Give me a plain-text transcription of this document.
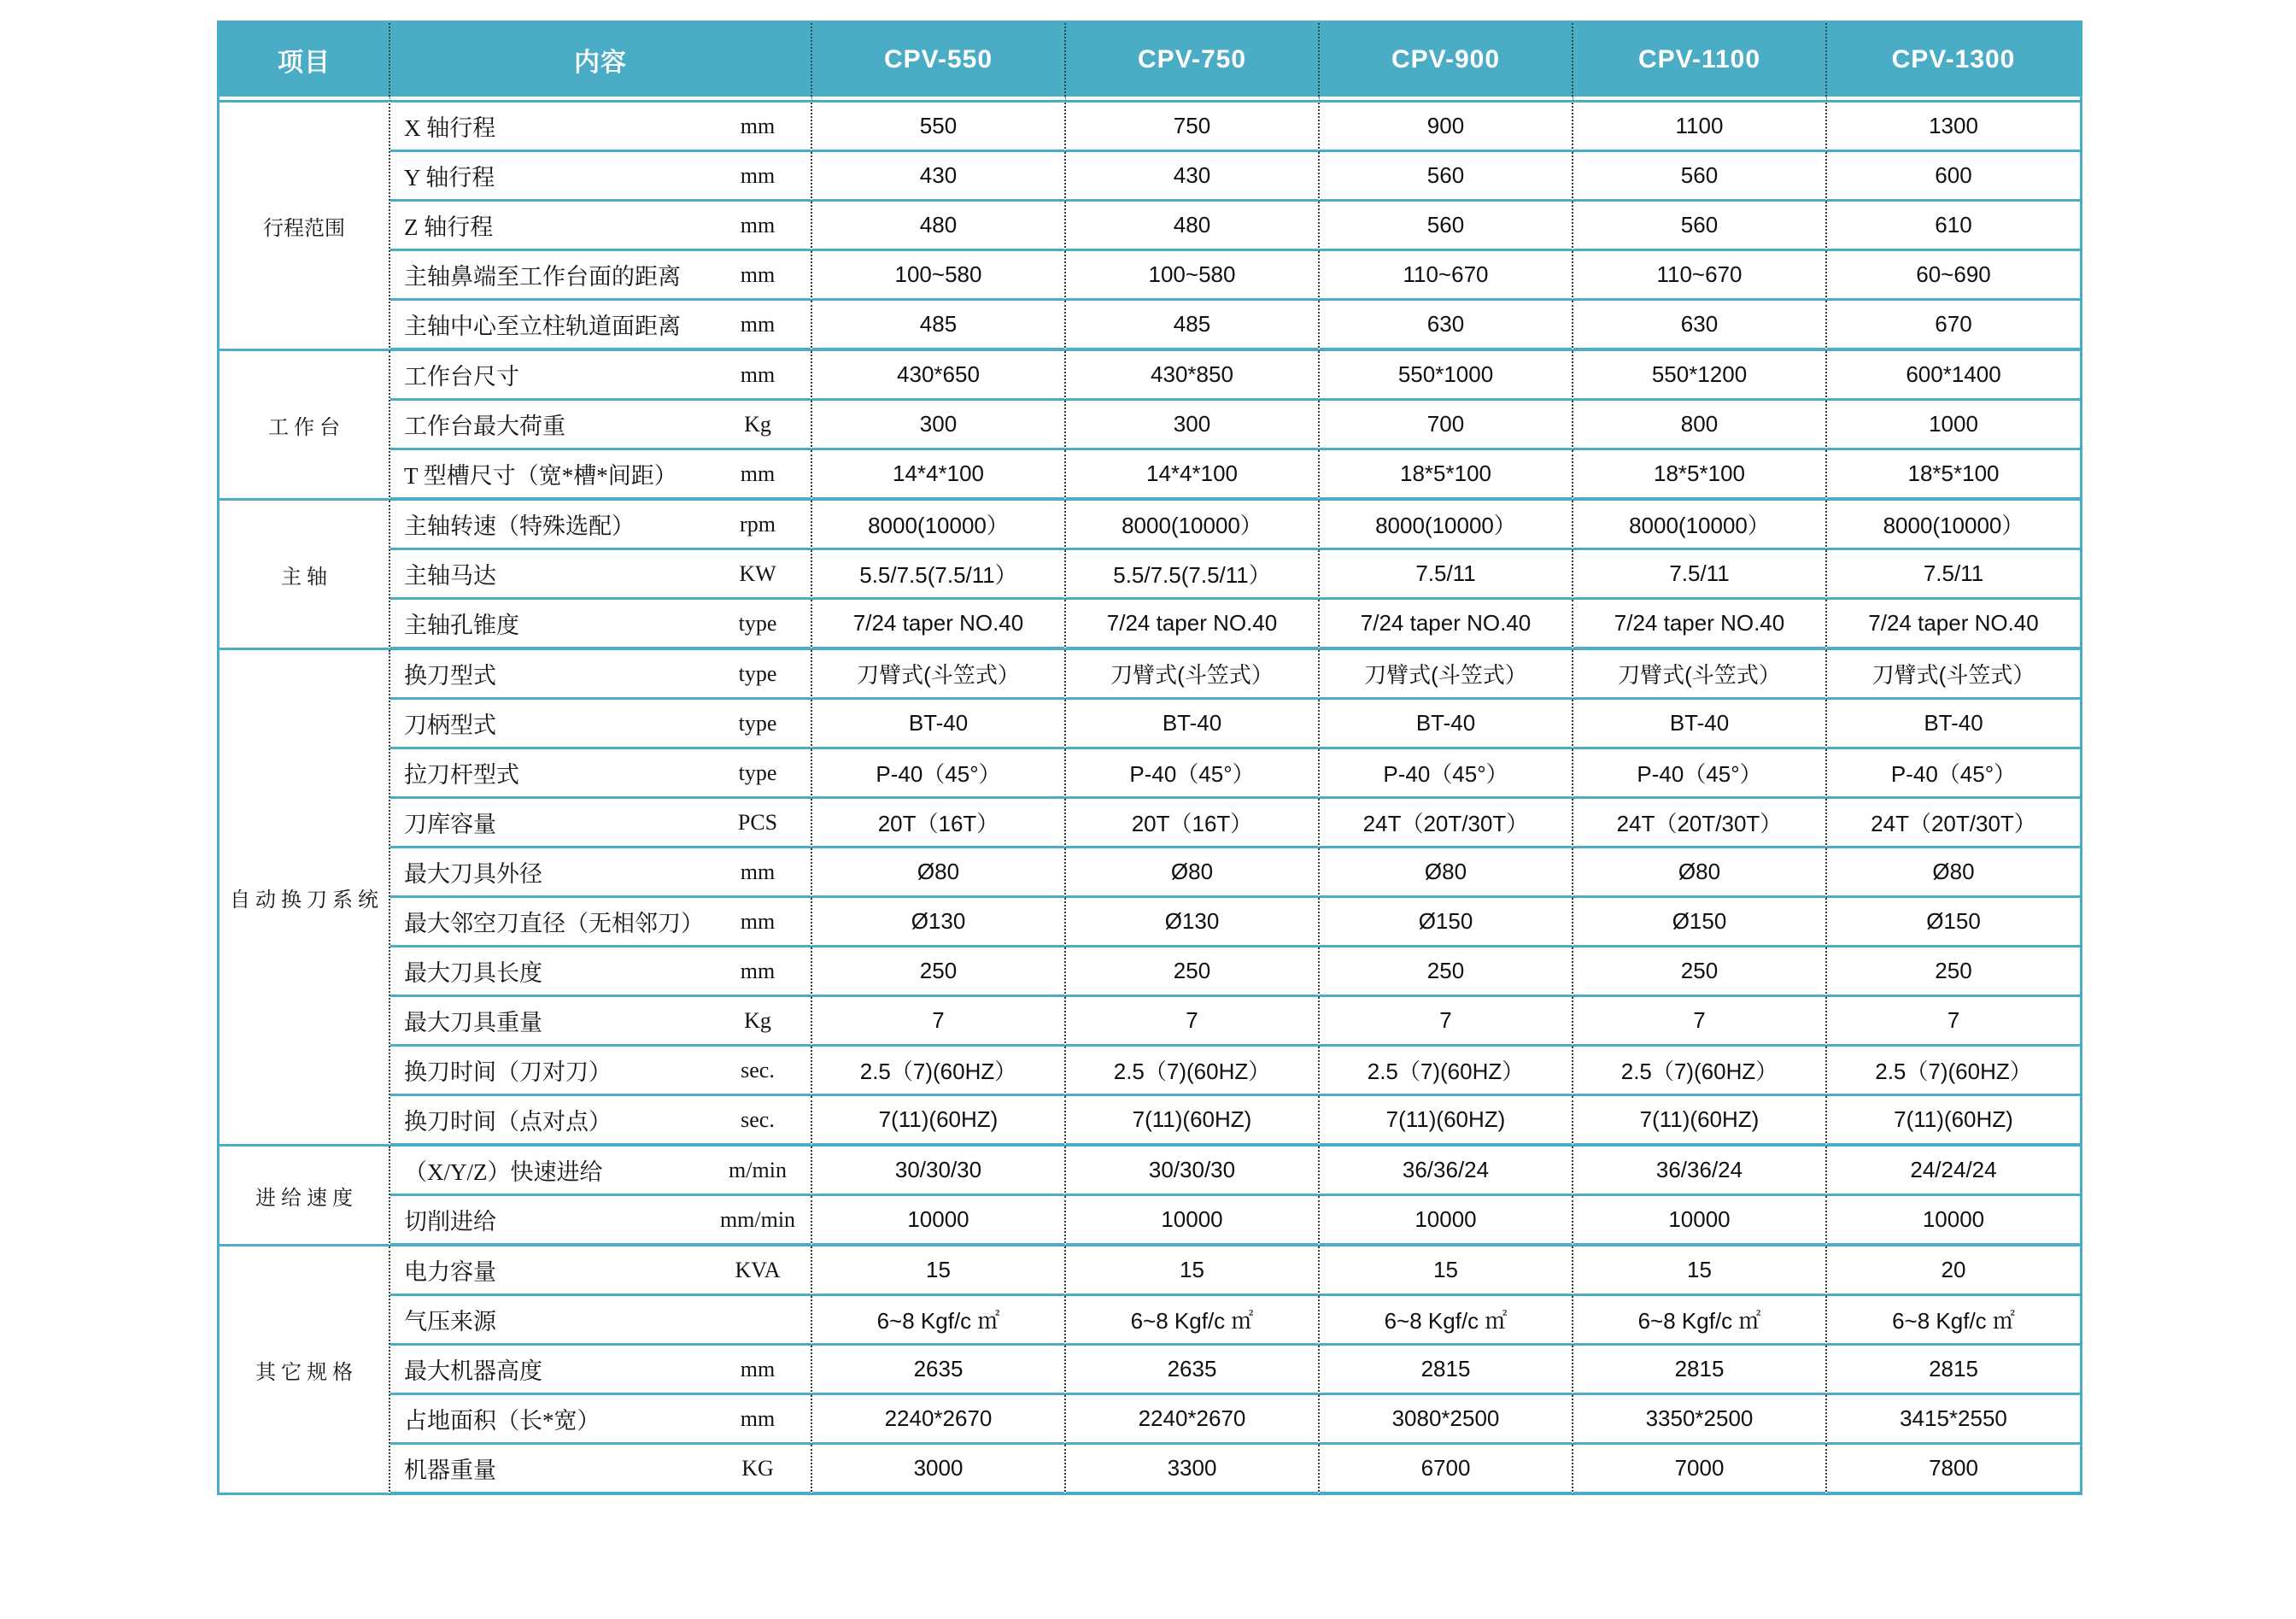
项目	内容	CPV-550	CPV-750	CPV-900	CPV-1100	CPV-1300
行程范围	X 轴行程 mm	550	750	900	1100	1300

	Y 轴行程 mm	430	430	560	560	600

	Z 轴行程 mm	480	480	560	560	610

	主轴鼻端至工作台面的距离 mm	100~580	100~580	110~670	110~670	60~690

	主轴中心至立柱轨道面距离 mm	485	485	630	630	670
工 作 台	工作台尺寸 mm	430*650	430*850	550*1000	550*1200	600*1400

	工作台最大荷重 Kg	300	300	700	800	1000

	T 型槽尺寸（宽*槽*间距） mm	14*4*100	14*4*100	18*5*100	18*5*100	18*5*100
主 轴	主轴转速（特殊选配） rpm	8000(10000）	8000(10000）	8000(10000）	8000(10000）	8000(10000）

	主轴马达 KW	5.5/7.5(7.5/11）	5.5/7.5(7.5/11）	7.5/11	7.5/11	7.5/11

	主轴孔锥度 type	7/24 taper NO.40	7/24 taper NO.40	7/24 taper NO.40	7/24 taper NO.40	7/24 taper NO.40
自 动 换 刀 系 统	换刀型式 type	刀臂式(斗笠式）	刀臂式(斗笠式）	刀臂式(斗笠式）	刀臂式(斗笠式）	刀臂式(斗笠式）

	刀柄型式 type	BT-40	BT-40	BT-40	BT-40	BT-40

	拉刀杆型式 type	P-40（45°）	P-40（45°）	P-40（45°）	P-40（45°）	P-40（45°）

	刀库容量 PCS	20T（16T）	20T（16T）	24T（20T/30T）	24T（20T/30T）	24T（20T/30T）

	最大刀具外径 mm	Ø80	Ø80	Ø80	Ø80	Ø80

	最大邻空刀直径（无相邻刀） mm	Ø130	Ø130	Ø150	Ø150	Ø150

	最大刀具长度 mm	250	250	250	250	250

	最大刀具重量 Kg	7	7	7	7	7

	换刀时间（刀对刀） sec.	2.5（7)(60HZ）	2.5（7)(60HZ）	2.5（7)(60HZ）	2.5（7)(60HZ）	2.5（7)(60HZ）

	换刀时间（点对点） sec.	7(11)(60HZ)	7(11)(60HZ)	7(11)(60HZ)	7(11)(60HZ)	7(11)(60HZ)
进 给 速 度	（X/Y/Z）快速进给 m/min	30/30/30	30/30/30	36/36/24	36/36/24	24/24/24

	切削进给 mm/min	10000	10000	10000	10000	10000
其 它 规 格	电力容量 KVA	15	15	15	15	20

	气压来源	6~8 Kgf/c ㎡	6~8 Kgf/c ㎡	6~8 Kgf/c ㎡	6~8 Kgf/c ㎡	6~8 Kgf/c ㎡

	最大机器高度 mm	2635	2635	2815	2815	2815

	占地面积（长*宽） mm	2240*2670	2240*2670	3080*2500	3350*2500	3415*2550

	机器重量 KG	3000	3300	6700	7000	7800
